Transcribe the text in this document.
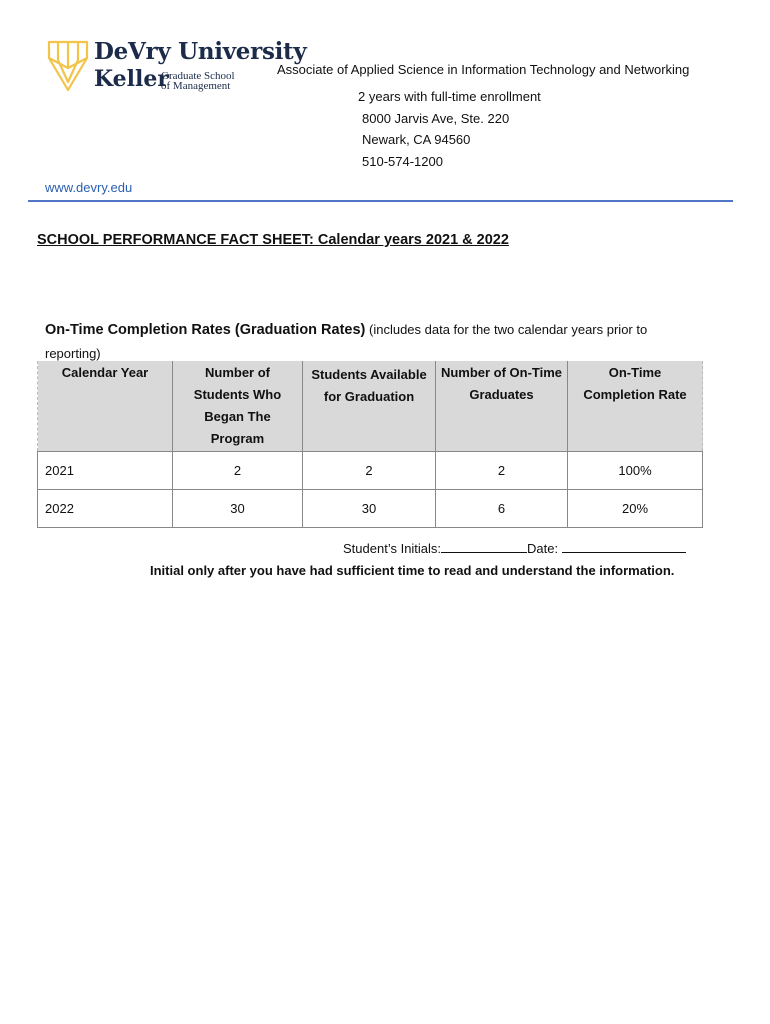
DeVry University
Keller
Graduate School
of Management
Associate of Applied Science in Information Technology and Networking
2 years with full-time enrollment
8000 Jarvis Ave, Ste. 220
Newark, CA 94560
510-574-1200
www.devry.edu
SCHOOL PERFORMANCE FACT SHEET: Calendar years 2021 & 2022
On-Time Completion Rates (Graduation Rates) (includes data for the two calendar years prior to reporting)
Calendar Year	Number of Students Who Began The Program	Students Available for Graduation	Number of On-Time Graduates	On-Time Completion Rate
2021	2	2	2	100%
2022	30	30	6	20%
Student’s Initials:	Date:
Initial only after you have had sufficient time to read and understand the information.
